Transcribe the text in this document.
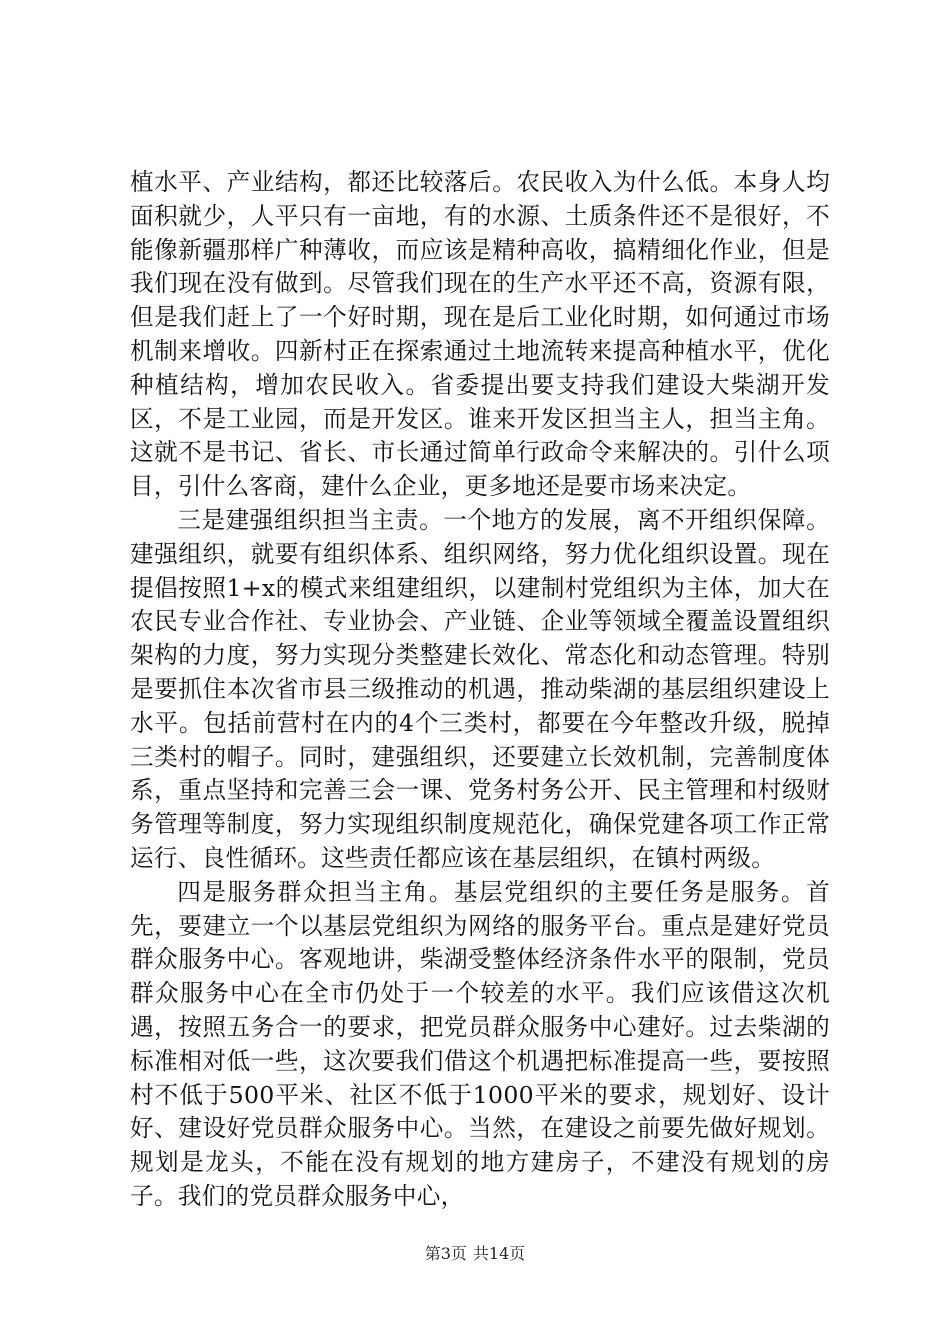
植水平、产业结构，都还比较落后。农民收入为什么低。本身人均面积就少，人平只有一亩地，有的水源、土质条件还不是很好，不能像新疆那样广种薄收，而应该是精种高收，搞精细化作业，但是我们现在没有做到。尽管我们现在的生产水平还不高，资源有限，但是我们赶上了一个好时期，现在是后工业化时期，如何通过市场机制来增收。四新村正在探索通过土地流转来提高种植水平，优化种植结构，增加农民收入。省委提出要支持我们建设大柴湖开发区，不是工业园，而是开发区。谁来开发区担当主人，担当主角。这就不是书记、省长、市长通过简单行政命令来解决的。引什么项目，引什么客商，建什么企业，更多地还是要市场来决定。

三是建强组织担当主责。一个地方的发展，离不开组织保障。建强组织，就要有组织体系、组织网络，努力优化组织设置。现在提倡按照1+x的模式来组建组织，以建制村党组织为主体，加大在农民专业合作社、专业协会、产业链、企业等领域全覆盖设置组织架构的力度，努力实现分类整建长效化、常态化和动态管理。特别是要抓住本次省市县三级推动的机遇，推动柴湖的基层组织建设上水平。包括前营村在内的4个三类村，都要在今年整改升级，脱掉三类村的帽子。同时，建强组织，还要建立长效机制，完善制度体系，重点坚持和完善三会一课、党务村务公开、民主管理和村级财务管理等制度，努力实现组织制度规范化，确保党建各项工作正常运行、良性循环。这些责任都应该在基层组织，在镇村两级。

四是服务群众担当主角。基层党组织的主要任务是服务。首先，要建立一个以基层党组织为网络的服务平台。重点是建好党员群众服务中心。客观地讲，柴湖受整体经济条件水平的限制，党员群众服务中心在全市仍处于一个较差的水平。我们应该借这次机遇，按照五务合一的要求，把党员群众服务中心建好。过去柴湖的标准相对低一些，这次要我们借这个机遇把标准提高一些，要按照村不低于500平米、社区不低于1000平米的要求，规划好、设计好、建设好党员群众服务中心。当然，在建设之前要先做好规划。规划是龙头，不能在没有规划的地方建房子，不建没有规划的房子。我们的党员群众服务中心，

第3页 共14页
